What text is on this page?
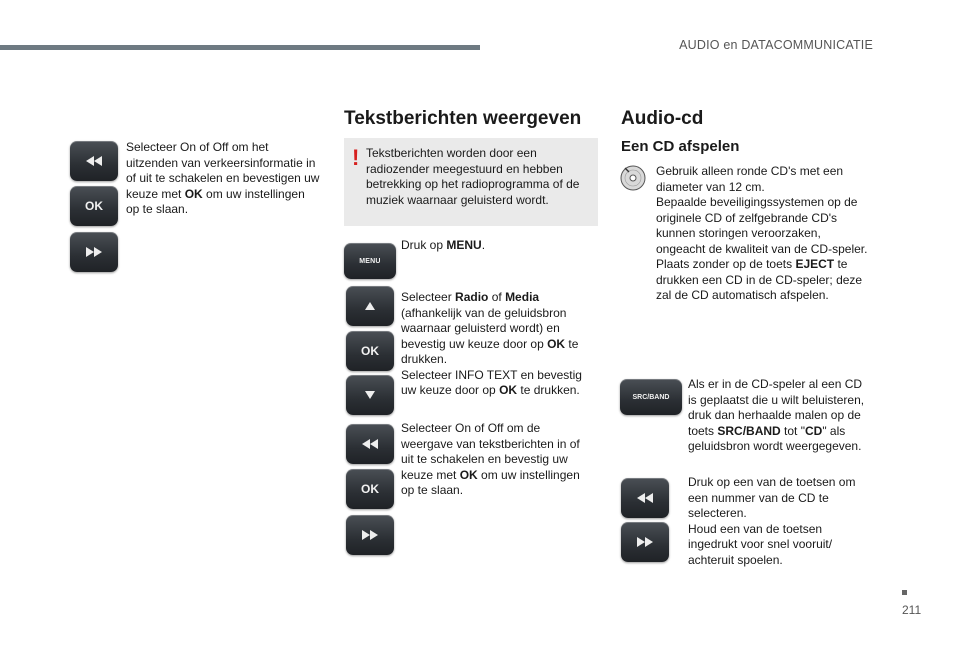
AUDIO en DATACOMMUNICATIE
OK
Selecteer On of Off om het uitzenden van verkeersinformatie in of uit te schakelen en bevestigen uw keuze met OK om uw instellingen op te slaan.
Tekstberichten weergeven
! Tekstberichten worden door een radiozender meegestuurd en hebben betrekking op het radioprogramma of de muziek waarnaar geluisterd wordt.
MENU
Druk op MENU.
OK
Selecteer Radio of Media (afhankelijk van de geluidsbron waarnaar geluisterd wordt) en bevestig uw keuze door op OK te drukken.
Selecteer INFO TEXT en bevestig uw keuze door op OK te drukken.
OK
Selecteer On of Off om de weergave van tekstberichten in of uit te schakelen en bevestig uw keuze met OK om uw instellingen op te slaan.
Audio-cd
Een CD afspelen
Gebruik alleen ronde CD's met een diameter van 12 cm.
Bepaalde beveiligingssystemen op de originele CD of zelfgebrande CD's kunnen storingen veroorzaken, ongeacht de kwaliteit van de CD-speler.
Plaats zonder op de toets EJECT te drukken een CD in de CD-speler; deze zal de CD automatisch afspelen.
SRC/BAND
Als er in de CD-speler al een CD is geplaatst die u wilt beluisteren, druk dan herhaalde malen op de toets SRC/BAND tot "CD" als geluidsbron wordt weergegeven.
Druk op een van de toetsen om een nummer van de CD te selecteren.
Houd een van de toetsen ingedrukt voor snel vooruit/ achteruit spoelen.
211
